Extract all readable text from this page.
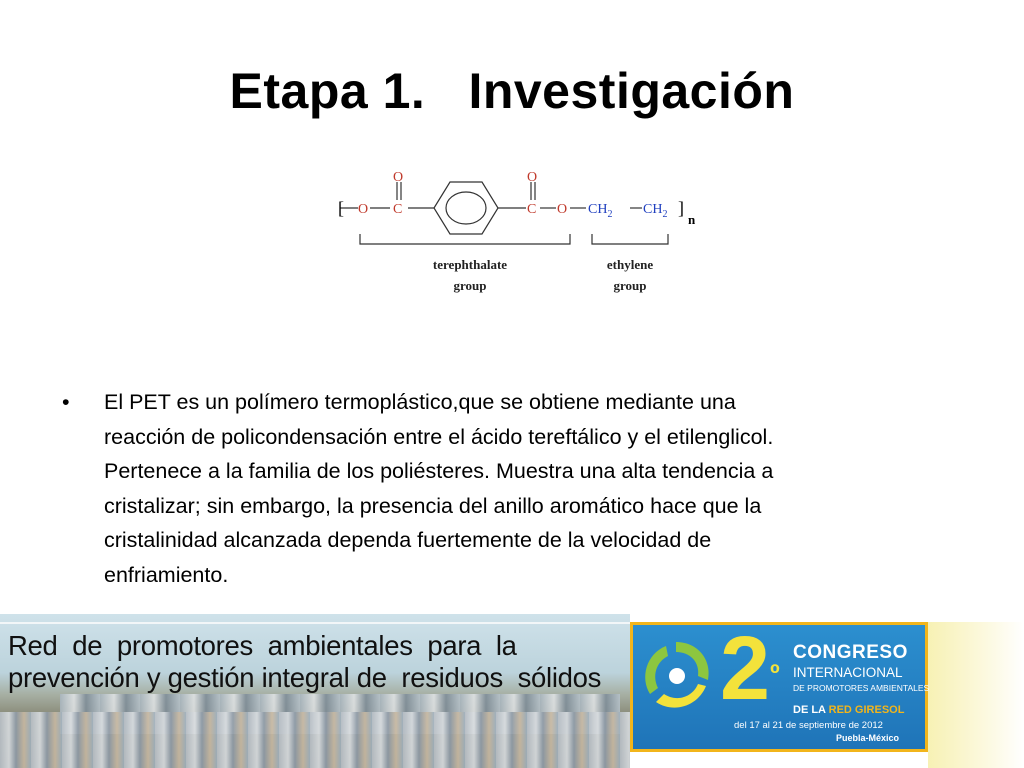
Etapa 1.   Investigación
[ O C
O
C
O
O $CH_2$ $CH_2$ ]
n
terephthalate
group
ethylene
group
• El PET es un polímero termoplástico,que se obtiene mediante una
reacción de policondensación entre el ácido tereftálico y el etilenglicol.
Pertenece a la familia de los poliésteres. Muestra una alta tendencia a
cristalizar; sin embargo, la presencia del anillo aromático hace que la
cristalinidad alcanzada dependa fuertemente de la velocidad de
enfriamiento.
Red  de  promotores  ambientales  para  la
prevención y gestión integral de  residuos  sólidos $2^º$
CONGRESO
INTERNACIONAL
DE PROMOTORES AMBIENTALES
DE LA RED GIRESOL
del 17 al 21 de septiembre de 2012
Puebla-México
